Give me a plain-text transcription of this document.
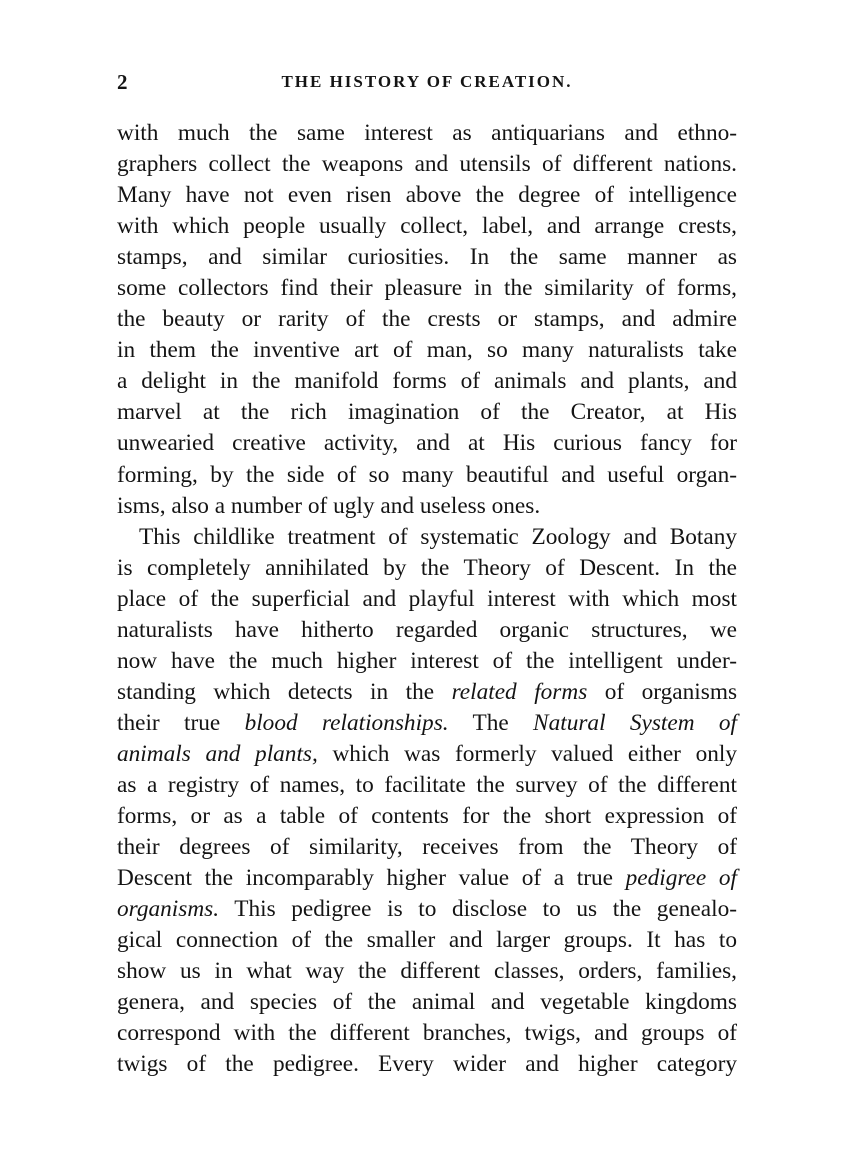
2	THE HISTORY OF CREATION.
with much the same interest as antiquarians and ethno-
graphers collect the weapons and utensils of different nations.
Many have not even risen above the degree of intelligence
with which people usually collect, label, and arrange crests,
stamps, and similar curiosities. In the same manner as
some collectors find their pleasure in the similarity of forms,
the beauty or rarity of the crests or stamps, and admire
in them the inventive art of man, so many naturalists take
a delight in the manifold forms of animals and plants, and
marvel at the rich imagination of the Creator, at His
unwearied creative activity, and at His curious fancy for
forming, by the side of so many beautiful and useful organ-
isms, also a number of ugly and useless ones.
This childlike treatment of systematic Zoology and Botany
is completely annihilated by the Theory of Descent. In the
place of the superficial and playful interest with which most
naturalists have hitherto regarded organic structures, we
now have the much higher interest of the intelligent under-
standing which detects in the related forms of organisms
their true blood relationships. The Natural System of
animals and plants, which was formerly valued either only
as a registry of names, to facilitate the survey of the different
forms, or as a table of contents for the short expression of
their degrees of similarity, receives from the Theory of
Descent the incomparably higher value of a true pedigree of
organisms. This pedigree is to disclose to us the genealo-
gical connection of the smaller and larger groups. It has to
show us in what way the different classes, orders, families,
genera, and species of the animal and vegetable kingdoms
correspond with the different branches, twigs, and groups of
twigs of the pedigree. Every wider and higher category
